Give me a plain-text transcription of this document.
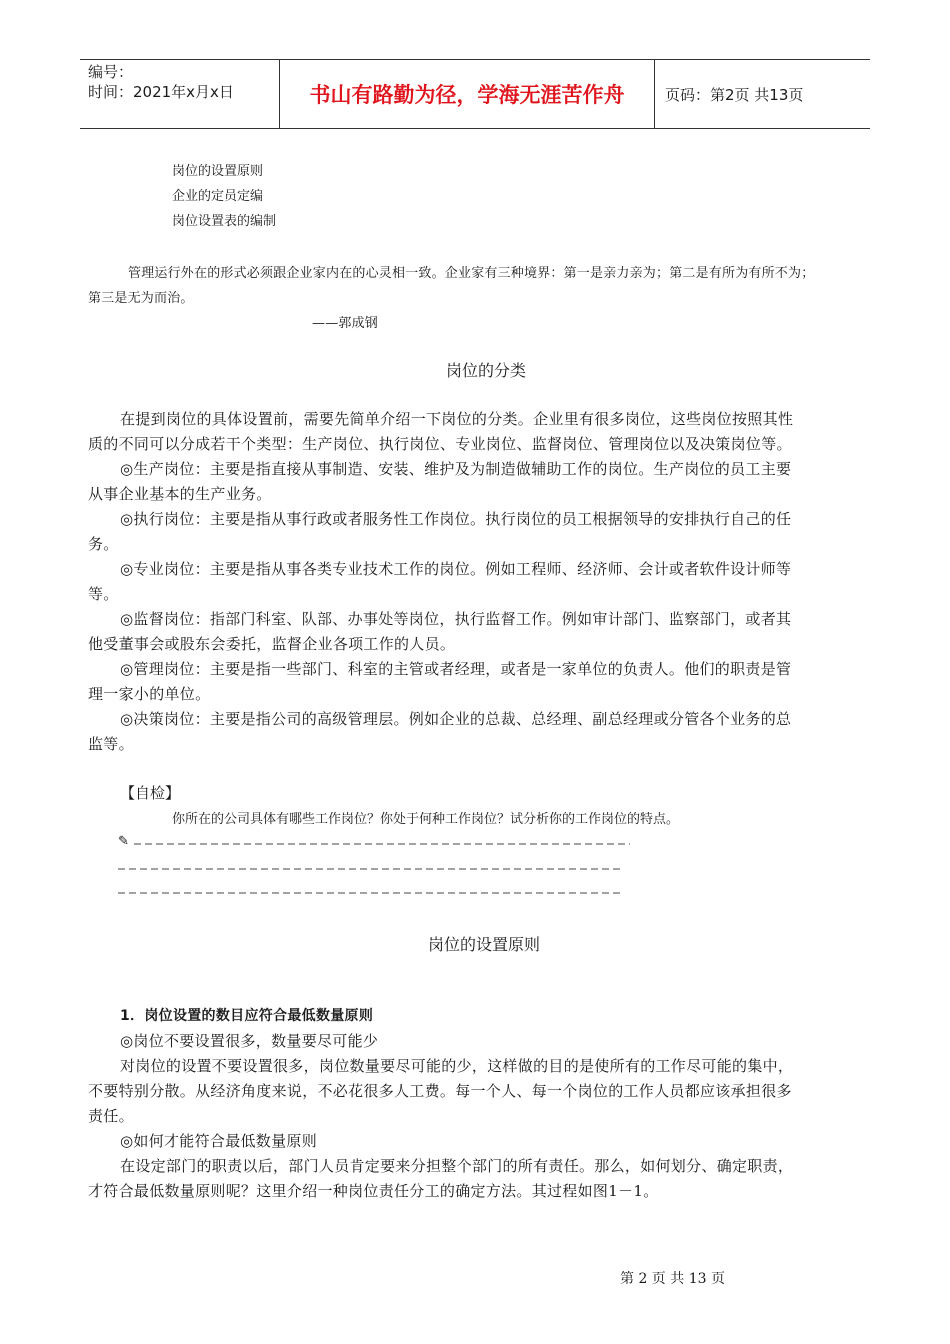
编号：
时间：2021年x月x日	书山有路勤为径，学海无涯苦作舟	页码：第2页 共13页
岗位的设置原则
企业的定员定编
岗位设置表的编制
管理运行外在的形式必须跟企业家内在的心灵相一致。企业家有三种境界：第一是亲力亲为；第二是有所为有所不为；
第三是无为而治。
——郭成钢
岗位的分类
在提到岗位的具体设置前，需要先简单介绍一下岗位的分类。企业里有很多岗位，这些岗位按照其性
质的不同可以分成若干个类型：生产岗位、执行岗位、专业岗位、监督岗位、管理岗位以及决策岗位等。
◎生产岗位：主要是指直接从事制造、安装、维护及为制造做辅助工作的岗位。生产岗位的员工主要
从事企业基本的生产业务。
◎执行岗位：主要是指从事行政或者服务性工作岗位。执行岗位的员工根据领导的安排执行自己的任
务。
◎专业岗位：主要是指从事各类专业技术工作的岗位。例如工程师、经济师、会计或者软件设计师等
等。
◎监督岗位：指部门科室、队部、办事处等岗位，执行监督工作。例如审计部门、监察部门，或者其
他受董事会或股东会委托，监督企业各项工作的人员。
◎管理岗位：主要是指一些部门、科室的主管或者经理，或者是一家单位的负责人。他们的职责是管
理一家小的单位。
◎决策岗位：主要是指公司的高级管理层。例如企业的总裁、总经理、副总经理或分管各个业务的总
监等。
【自检】
你所在的公司具体有哪些工作岗位？你处于何种工作岗位？试分析你的工作岗位的特点。
✎
岗位的设置原则
1．岗位设置的数目应符合最低数量原则
◎岗位不要设置很多，数量要尽可能少
对岗位的设置不要设置很多，岗位数量要尽可能的少，这样做的目的是使所有的工作尽可能的集中，
不要特别分散。从经济角度来说，不必花很多人工费。每一个人、每一个岗位的工作人员都应该承担很多
责任。
◎如何才能符合最低数量原则
在设定部门的职责以后，部门人员肯定要来分担整个部门的所有责任。那么，如何划分、确定职责，
才符合最低数量原则呢？这里介绍一种岗位责任分工的确定方法。其过程如图1－1。
第 2 页 共 13 页
